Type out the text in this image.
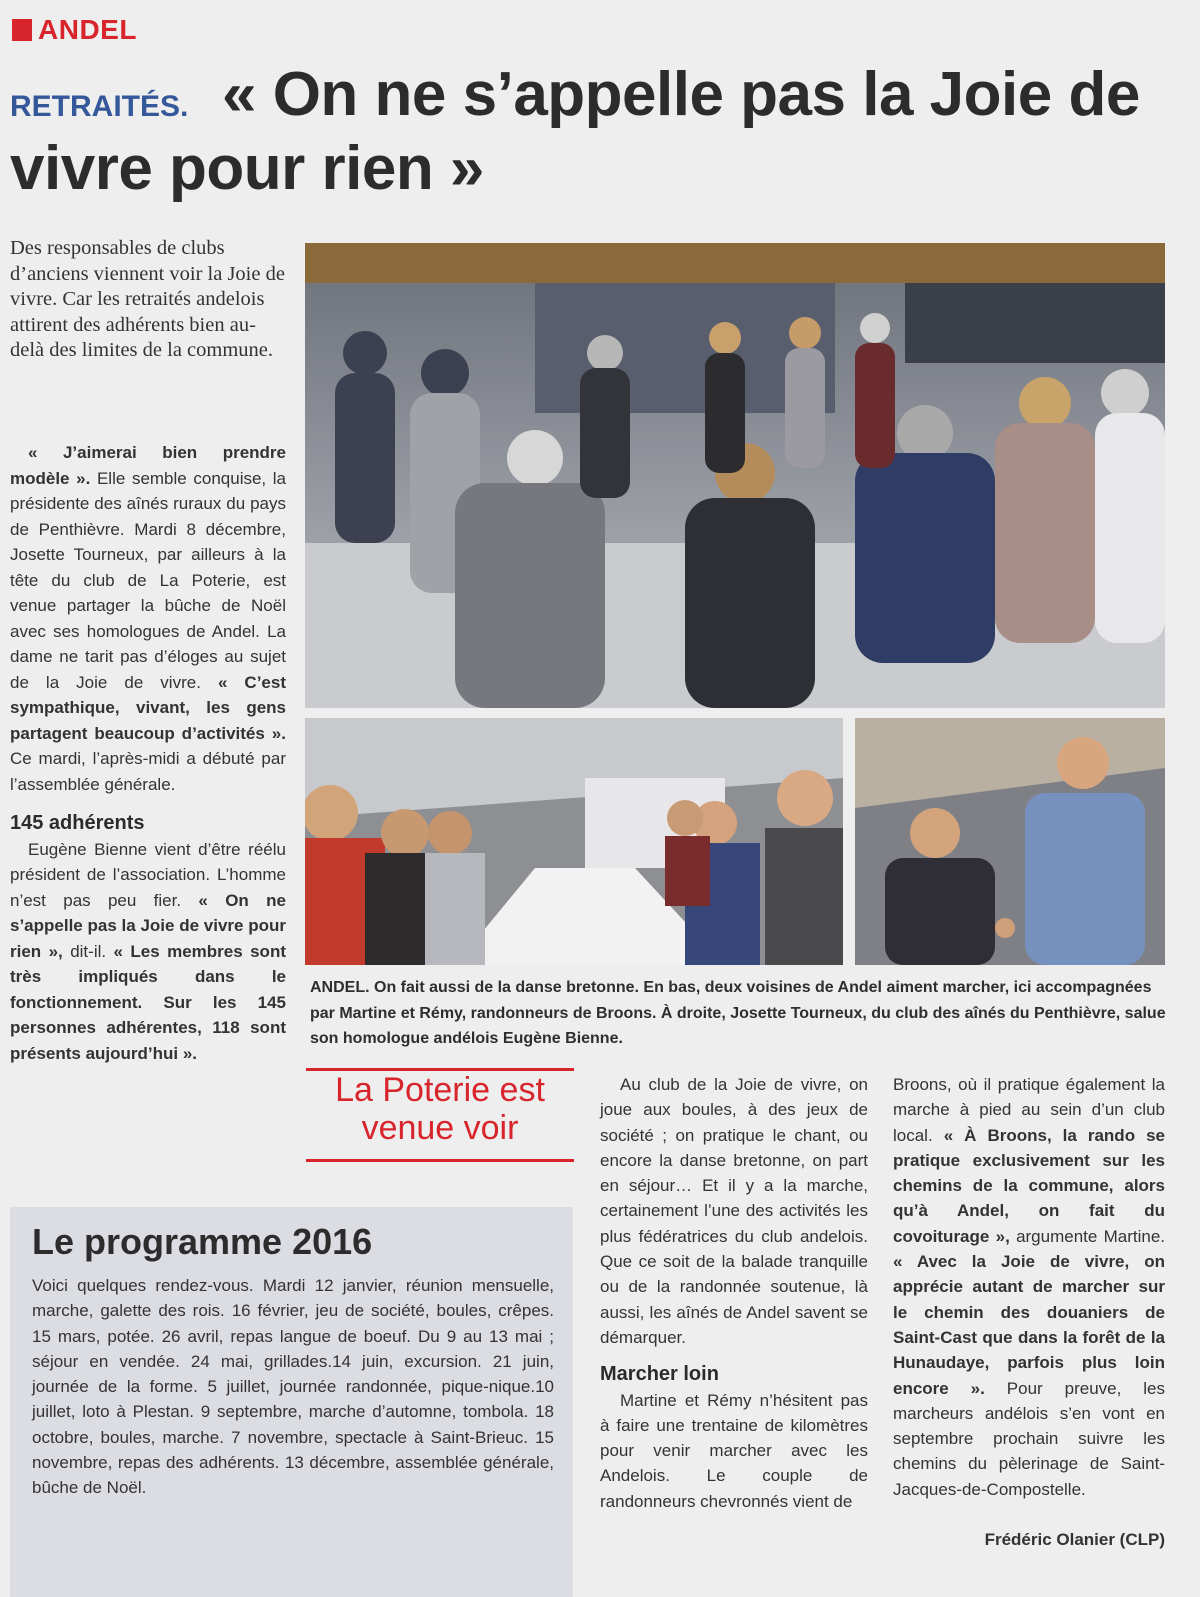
ANDEL
RETRAITÉS. « On ne s’appelle pas la Joie de vivre pour rien »

Des responsables de clubs d’anciens viennent voir la Joie de vivre. Car les retraités andelois attirent des adhérents bien au-delà des limites de la commune.

« J’aimerai bien prendre modèle ». Elle semble conquise, la présidente des aînés ruraux du pays de Penthièvre. Mardi 8 décembre, Josette Tourneux, par ailleurs à la tête du club de La Poterie, est venue partager la bûche de Noël avec ses homologues de Andel. La dame ne tarit pas d’éloges au sujet de la Joie de vivre. « C’est sympathique, vivant, les gens partagent beaucoup d’activités ». Ce mardi, l’après-midi a débuté par l’assemblée générale.

145 adhérents

Eugène Bienne vient d’être réélu président de l’association. L’homme n’est pas peu fier. « On ne s’appelle pas la Joie de vivre pour rien », dit-il. « Les membres sont très impliqués dans le fonctionnement. Sur les 145 personnes adhérentes, 118 sont présents aujourd’hui ».

ANDEL. On fait aussi de la danse bretonne. En bas, deux voisines de Andel aiment marcher, ici accompagnées par Martine et Rémy, randonneurs de Broons. À droite, Josette Tourneux, du club des aînés du Penthièvre, salue son homologue andélois Eugène Bienne.

La Poterie est
venue voir

Au club de la Joie de vivre, on joue aux boules, à des jeux de société ; on pratique le chant, ou encore la danse bretonne, on part en séjour… Et il y a la marche, certainement l’une des activités les plus fédératrices du club andelois. Que ce soit de la balade tranquille ou de la randonnée soutenue, là aussi, les aînés de Andel savent se démarquer.

Marcher loin

Martine et Rémy n’hésitent pas à faire une trentaine de kilomètres pour venir marcher avec les Andelois. Le couple de randonneurs chevronnés vient de

Broons, où il pratique également la marche à pied au sein d’un club local. « À Broons, la rando se pratique exclusivement sur les chemins de la commune, alors qu’à Andel, on fait du covoiturage », argumente Martine. « Avec la Joie de vivre, on apprécie autant de marcher sur le chemin des douaniers de Saint-Cast que dans la forêt de la Hunaudaye, parfois plus loin encore ». Pour preuve, les marcheurs andélois s’en vont en septembre prochain suivre les chemins du pèlerinage de Saint-Jacques-de-Compostelle.

Frédéric Olanier (CLP)
Le programme 2016

Voici quelques rendez-vous. Mardi 12 janvier, réunion mensuelle, marche, galette des rois. 16 février, jeu de société, boules, crêpes. 15 mars, potée. 26 avril, repas langue de boeuf. Du 9 au 13 mai ; séjour en vendée. 24 mai, grillades.14 juin, excursion. 21 juin, journée de la forme. 5 juillet, journée randonnée, pique-nique.10 juillet, loto à Plestan. 9 septembre, marche d’automne, tombola. 18 octobre, boules, marche. 7 novembre, spectacle à Saint-Brieuc. 15 novembre, repas des adhérents. 13 décembre, assemblée générale, bûche de Noël.
